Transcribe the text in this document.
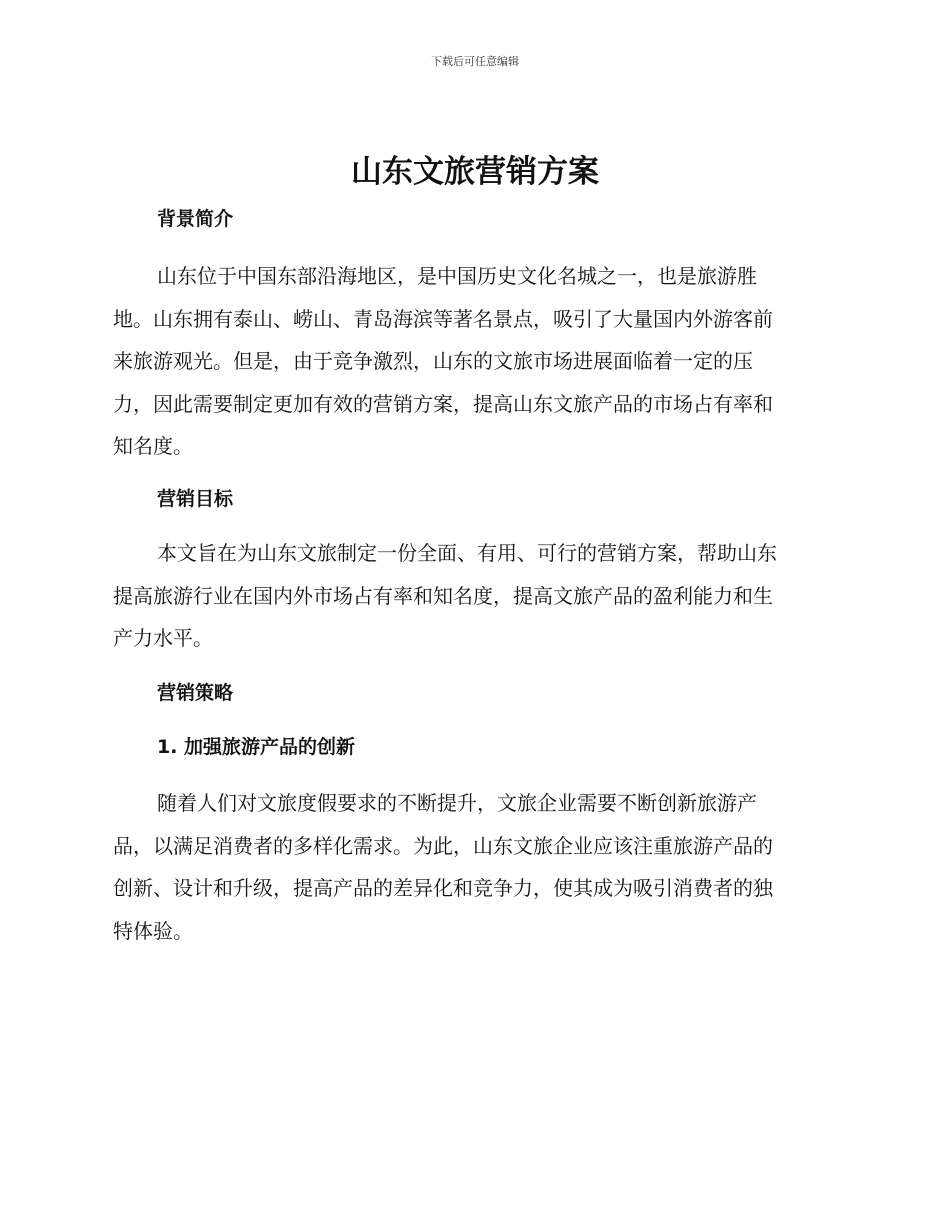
下载后可任意编辑
山东文旅营销方案
背景简介

山东位于中国东部沿海地区，是中国历史文化名城之一，也是旅游胜
地。山东拥有泰山、崂山、青岛海滨等著名景点，吸引了大量国内外游客前
来旅游观光。但是，由于竞争激烈，山东的文旅市场进展面临着一定的压
力，因此需要制定更加有效的营销方案，提高山东文旅产品的市场占有率和
知名度。

营销目标

本文旨在为山东文旅制定一份全面、有用、可行的营销方案，帮助山东
提高旅游行业在国内外市场占有率和知名度，提高文旅产品的盈利能力和生
产力水平。

营销策略
1. 加强旅游产品的创新

随着人们对文旅度假要求的不断提升，文旅企业需要不断创新旅游产
品，以满足消费者的多样化需求。为此，山东文旅企业应该注重旅游产品的
创新、设计和升级，提高产品的差异化和竞争力，使其成为吸引消费者的独
特体验。
